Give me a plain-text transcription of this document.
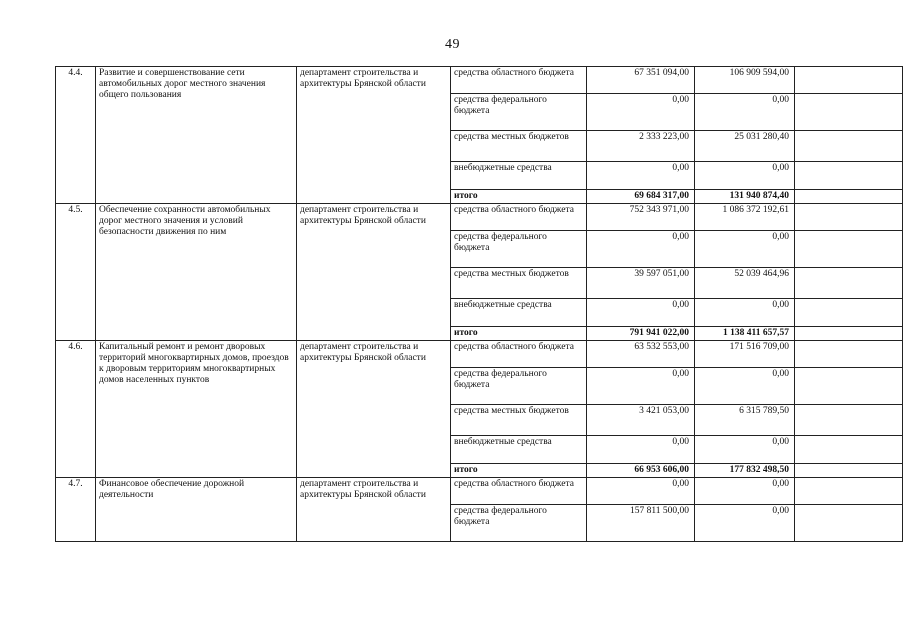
49
4.4.	Развитие и совершенствование сети автомобильных дорог местного значения общего пользования	департамент строительства и архитектуры Брянской области	средства областного бюджета	67 351 094,00	106 909 594,00	
			средства федерального бюджета	0,00	0,00	
			средства местных бюджетов	2 333 223,00	25 031 280,40	
			внебюджетные средства	0,00	0,00	
			итого	69 684 317,00	131 940 874,40	
4.5.	Обеспечение сохранности автомобильных дорог местного значения и условий безопасности движения по ним	департамент строительства и архитектуры Брянской области	средства областного бюджета	752 343 971,00	1 086 372 192,61	
			средства федерального бюджета	0,00	0,00	
			средства местных бюджетов	39 597 051,00	52 039 464,96	
			внебюджетные средства	0,00	0,00	
			итого	791 941 022,00	1 138 411 657,57	
4.6.	Капитальный ремонт и ремонт дворовых территорий многоквартирных домов, проездов к дворовым территориям многоквартирных домов населенных пунктов	департамент строительства и архитектуры Брянской области	средства областного бюджета	63 532 553,00	171 516 709,00	
			средства федерального бюджета	0,00	0,00	
			средства местных бюджетов	3 421 053,00	6 315 789,50	
			внебюджетные средства	0,00	0,00	
			итого	66 953 606,00	177 832 498,50	
4.7.	Финансовое обеспечение дорожной деятельности	департамент строительства и архитектуры Брянской области	средства областного бюджета	0,00	0,00	
			средства федерального бюджета	157 811 500,00	0,00	
